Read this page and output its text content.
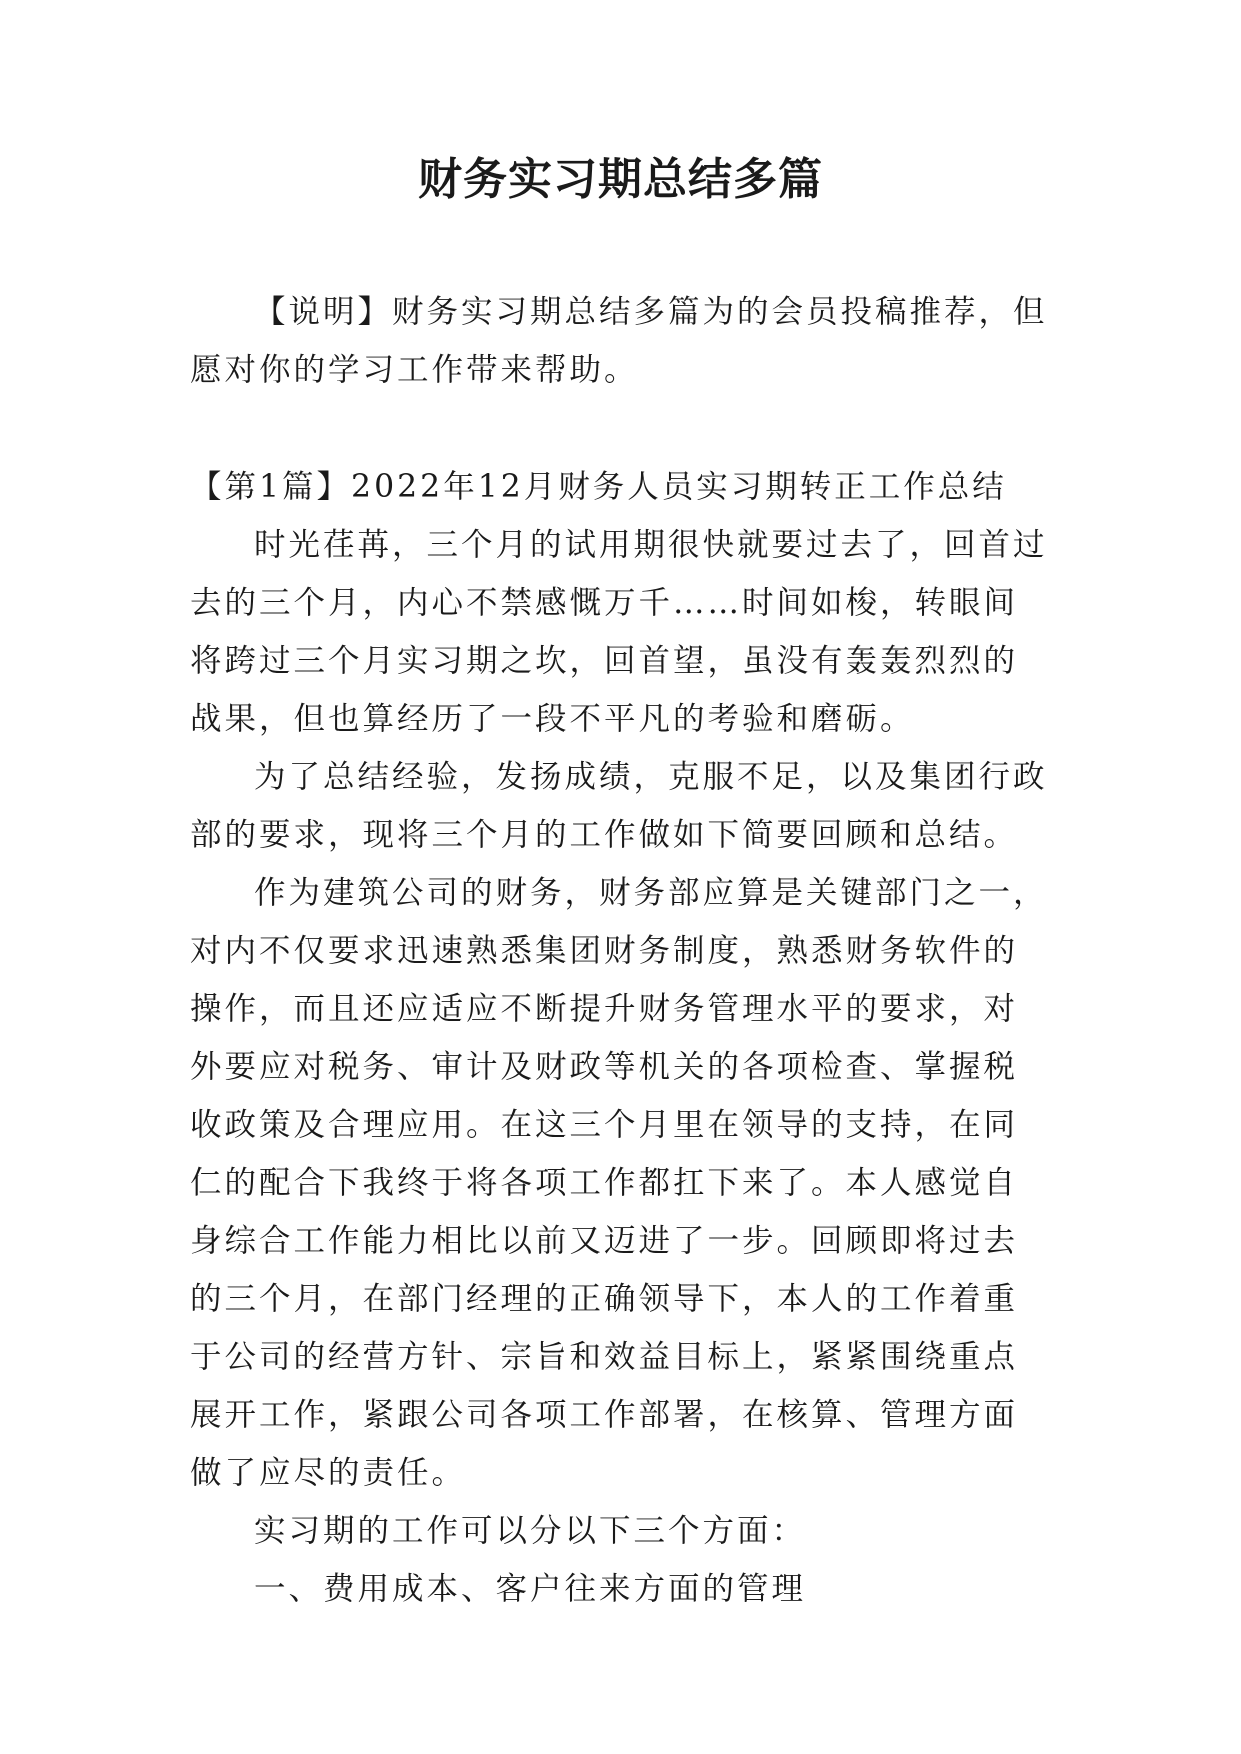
财务实习期总结多篇

【说明】财务实习期总结多篇为的会员投稿推荐，但愿对你的学习工作带来帮助。

【第1篇】2022年12月财务人员实习期转正工作总结

时光荏苒，三个月的试用期很快就要过去了，回首过去的三个月，内心不禁感慨万千……时间如梭，转眼间将跨过三个月实习期之坎，回首望，虽没有轰轰烈烈的战果，但也算经历了一段不平凡的考验和磨砺。

为了总结经验，发扬成绩，克服不足，以及集团行政部的要求，现将三个月的工作做如下简要回顾和总结。

作为建筑公司的财务，财务部应算是关键部门之一，对内不仅要求迅速熟悉集团财务制度，熟悉财务软件的操作，而且还应适应不断提升财务管理水平的要求，对外要应对税务、审计及财政等机关的各项检查、掌握税收政策及合理应用。在这三个月里在领导的支持，在同仁的配合下我终于将各项工作都扛下来了。本人感觉自身综合工作能力相比以前又迈进了一步。回顾即将过去的三个月，在部门经理的正确领导下，本人的工作着重于公司的经营方针、宗旨和效益目标上，紧紧围绕重点展开工作，紧跟公司各项工作部署，在核算、管理方面做了应尽的责任。

实习期的工作可以分以下三个方面：

一、费用成本、客户往来方面的管理
